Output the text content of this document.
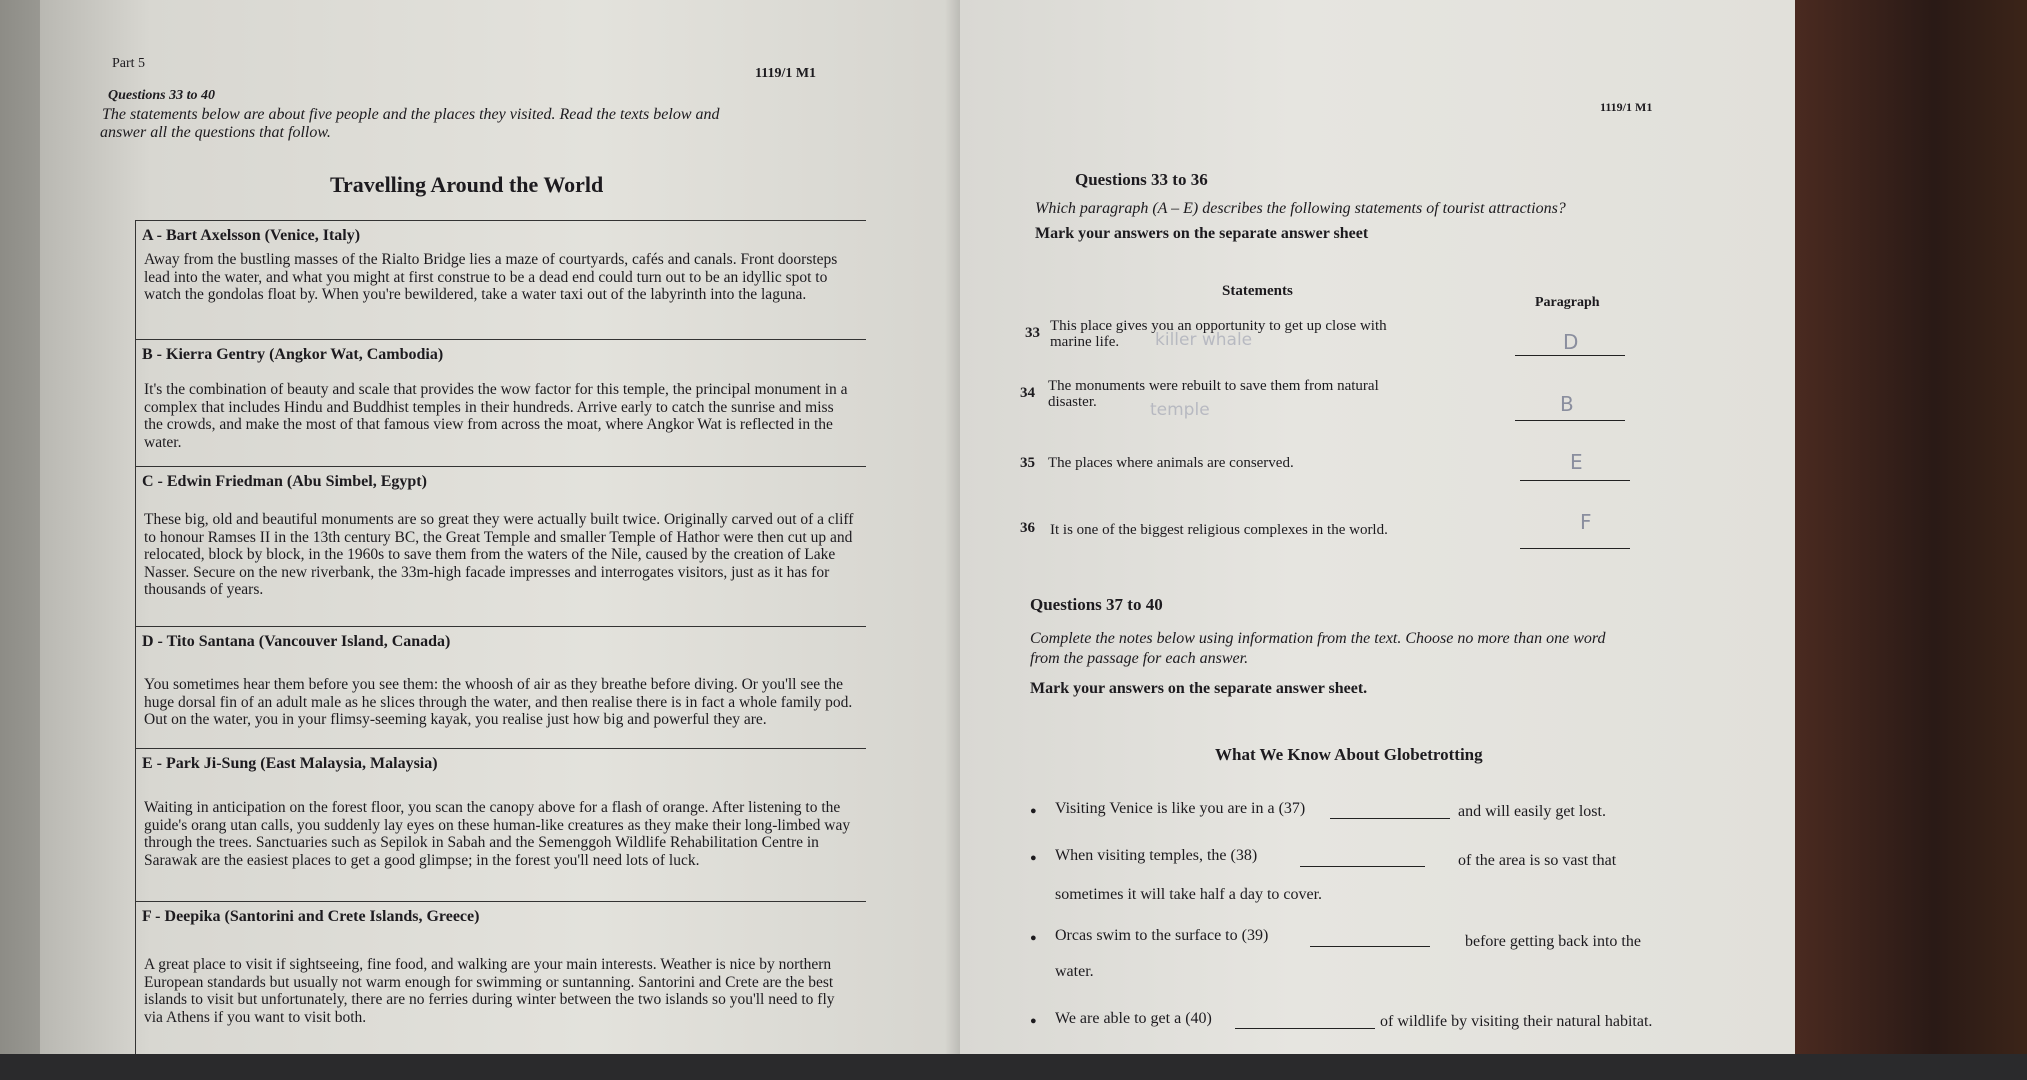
Part 5
1119/1 M1
Questions 33 to 40
The statements below are about five people and the places they visited. Read the texts below and
answer all the questions that follow.
Travelling Around the World
A - Bart Axelsson (Venice, Italy)
Away from the bustling masses of the Rialto Bridge lies a maze of courtyards, cafés and canals. Front doorsteps
lead into the water, and what you might at first construe to be a dead end could turn out to be an idyllic spot to
watch the gondolas float by. When you're bewildered, take a water taxi out of the labyrinth into the laguna.
B - Kierra Gentry (Angkor Wat, Cambodia)
It's the combination of beauty and scale that provides the wow factor for this temple, the principal monument in a
complex that includes Hindu and Buddhist temples in their hundreds. Arrive early to catch the sunrise and miss
the crowds, and make the most of that famous view from across the moat, where Angkor Wat is reflected in the
water.
C - Edwin Friedman (Abu Simbel, Egypt)
These big, old and beautiful monuments are so great they were actually built twice. Originally carved out of a cliff
to honour Ramses II in the 13th century BC, the Great Temple and smaller Temple of Hathor were then cut up and
relocated, block by block, in the 1960s to save them from the waters of the Nile, caused by the creation of Lake
Nasser. Secure on the new riverbank, the 33m-high facade impresses and interrogates visitors, just as it has for
thousands of years.
D - Tito Santana (Vancouver Island, Canada)
You sometimes hear them before you see them: the whoosh of air as they breathe before diving. Or you'll see the
huge dorsal fin of an adult male as he slices through the water, and then realise there is in fact a whole family pod.
Out on the water, you in your flimsy-seeming kayak, you realise just how big and powerful they are.
E - Park Ji-Sung (East Malaysia, Malaysia)
Waiting in anticipation on the forest floor, you scan the canopy above for a flash of orange. After listening to the
guide's orang utan calls, you suddenly lay eyes on these human-like creatures as they make their long-limbed way
through the trees. Sanctuaries such as Sepilok in Sabah and the Semenggoh Wildlife Rehabilitation Centre in
Sarawak are the easiest places to get a good glimpse; in the forest you'll need lots of luck.
F - Deepika (Santorini and Crete Islands, Greece)
A great place to visit if sightseeing, fine food, and walking are your main interests. Weather is nice by northern
European standards but usually not warm enough for swimming or suntanning. Santorini and Crete are the best
islands to visit but unfortunately, there are no ferries during winter between the two islands so you'll need to fly
via Athens if you want to visit both.
1119/1 M1
Questions 33 to 36
Which paragraph (A – E) describes the following statements of tourist attractions?
Mark your answers on the separate answer sheet
Statements
Paragraph
33 This place gives you an opportunity to get up close with
marine life.	killer whale	D
34 The monuments were rebuilt to save them from natural
disaster.	temple	B
35 The places where animals are conserved.	E
36 It is one of the biggest religious complexes in the world.	F
Questions 37 to 40
Complete the notes below using information from the text. Choose no more than one word
from the passage for each answer.
Mark your answers on the separate answer sheet.
What We Know About Globetrotting
● Visiting Venice is like you are in a (37)	and will easily get lost.
● When visiting temples, the (38)	of the area is so vast that
sometimes it will take half a day to cover.
● Orcas swim to the surface to (39)	before getting back into the
water.
● We are able to get a (40)	of wildlife by visiting their natural habitat.
